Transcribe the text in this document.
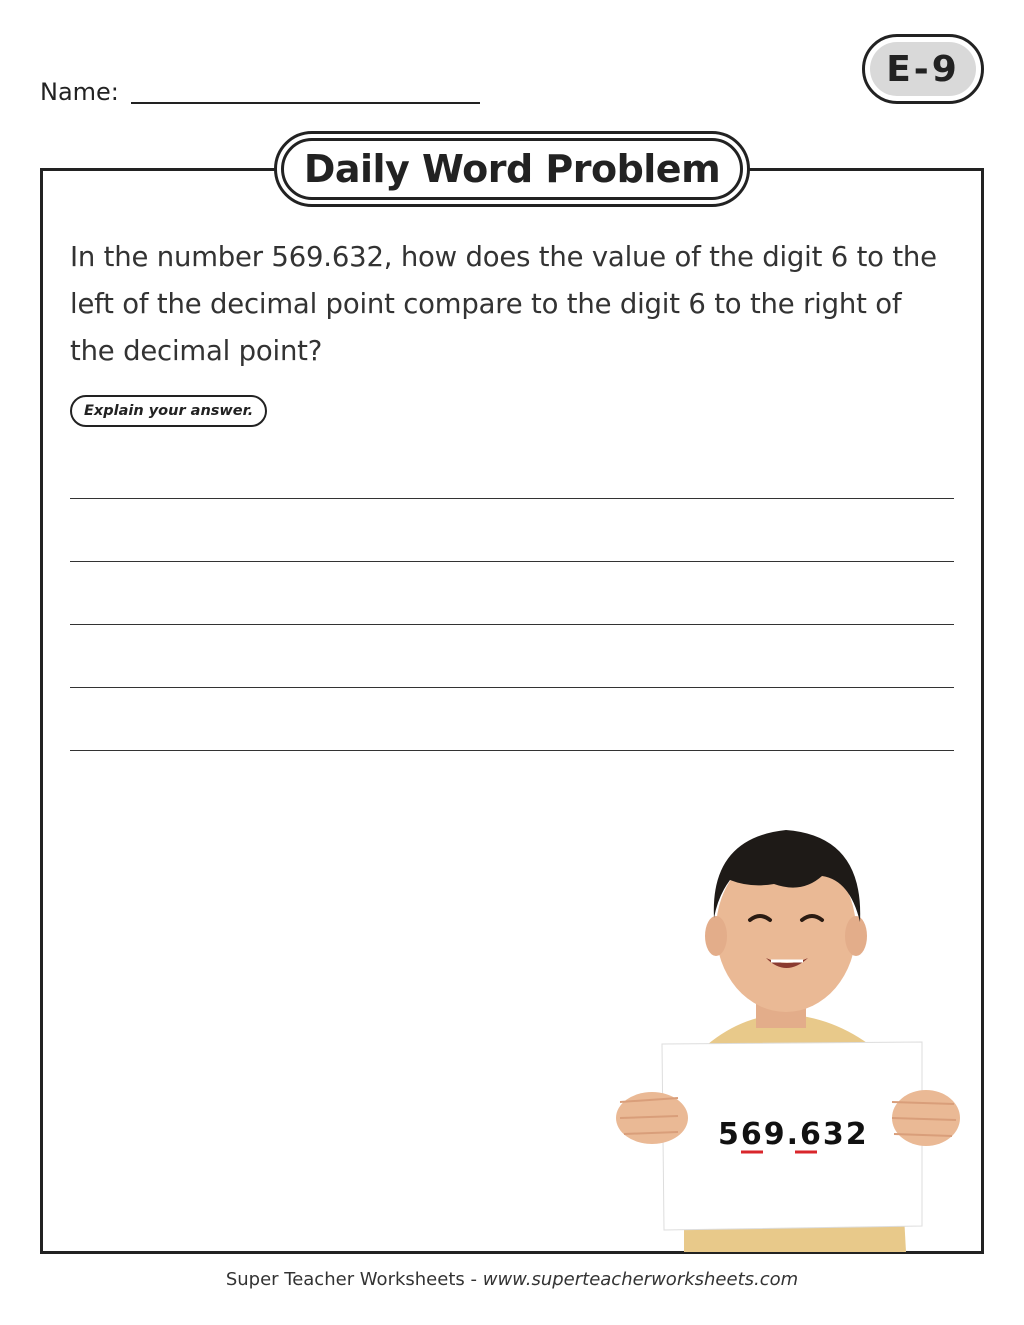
Name:
E-9
Daily Word Problem
In the number 569.632, how does the value of the digit 6 to the left of the decimal point compare to the digit 6 to the right of the decimal point?
Explain your answer.
569.632
Super Teacher Worksheets - www.superteacherworksheets.com
